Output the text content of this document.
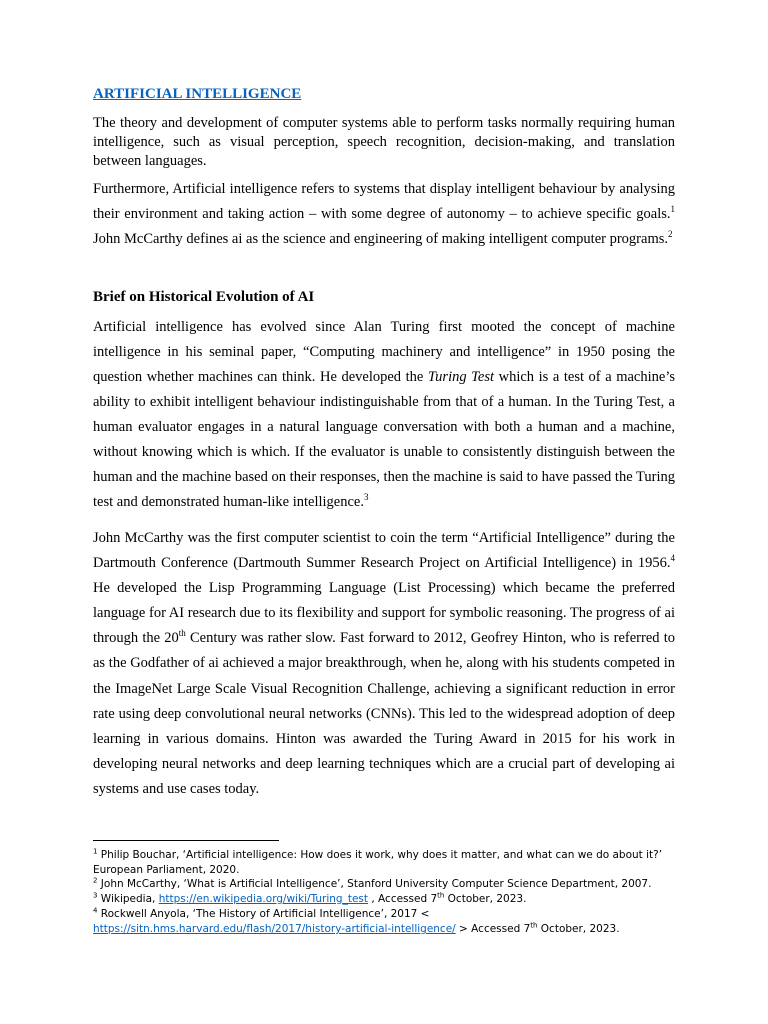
ARTIFICIAL INTELLIGENCE

The theory and development of computer systems able to perform tasks normally requiring human intelligence, such as visual perception, speech recognition, decision-making, and translation between languages.

Furthermore, Artificial intelligence refers to systems that display intelligent behaviour by analysing their environment and taking action – with some degree of autonomy – to achieve specific goals.$^1$ John McCarthy defines ai as the science and engineering of making intelligent computer programs.$^2$

Brief on Historical Evolution of AI

Artificial intelligence has evolved since Alan Turing first mooted the concept of machine intelligence in his seminal paper, “Computing machinery and intelligence” in 1950 posing the question whether machines can think. He developed the Turing Test which is a test of a machine’s ability to exhibit intelligent behaviour indistinguishable from that of a human. In the Turing Test, a human evaluator engages in a natural language conversation with both a human and a machine, without knowing which is which. If the evaluator is unable to consistently distinguish between the human and the machine based on their responses, then the machine is said to have passed the Turing test and demonstrated human-like intelligence.$^3$

John McCarthy was the first computer scientist to coin the term “Artificial Intelligence” during the Dartmouth Conference (Dartmouth Summer Research Project on Artificial Intelligence) in 1956.$^4$ He developed the Lisp Programming Language (List Processing) which became the preferred language for AI research due to its flexibility and support for symbolic reasoning. The progress of ai through the 20th Century was rather slow. Fast forward to 2012, Geofrey Hinton, who is referred to as the Godfather of ai achieved a major breakthrough, when he, along with his students competed in the ImageNet Large Scale Visual Recognition Challenge, achieving a significant reduction in error rate using deep convolutional neural networks (CNNs). This led to the widespread adoption of deep learning in various domains. Hinton was awarded the Turing Award in 2015 for his work in developing neural networks and deep learning techniques which are a crucial part of developing ai systems and use cases today.

$^1$ Philip Bouchar, ‘Artificial intelligence: How does it work, why does it matter, and what can we do about it?’ European Parliament, 2020.
$^2$ John McCarthy, ‘What is Artificial Intelligence’, Stanford University Computer Science Department, 2007.
$^3$ Wikipedia, https://en.wikipedia.org/wiki/Turing_test , Accessed 7th October, 2023.
$^4$ Rockwell Anyola, ‘The History of Artificial Intelligence’, 2017 <
https://sitn.hms.harvard.edu/flash/2017/history-artificial-intelligence/ > Accessed 7th October, 2023.
